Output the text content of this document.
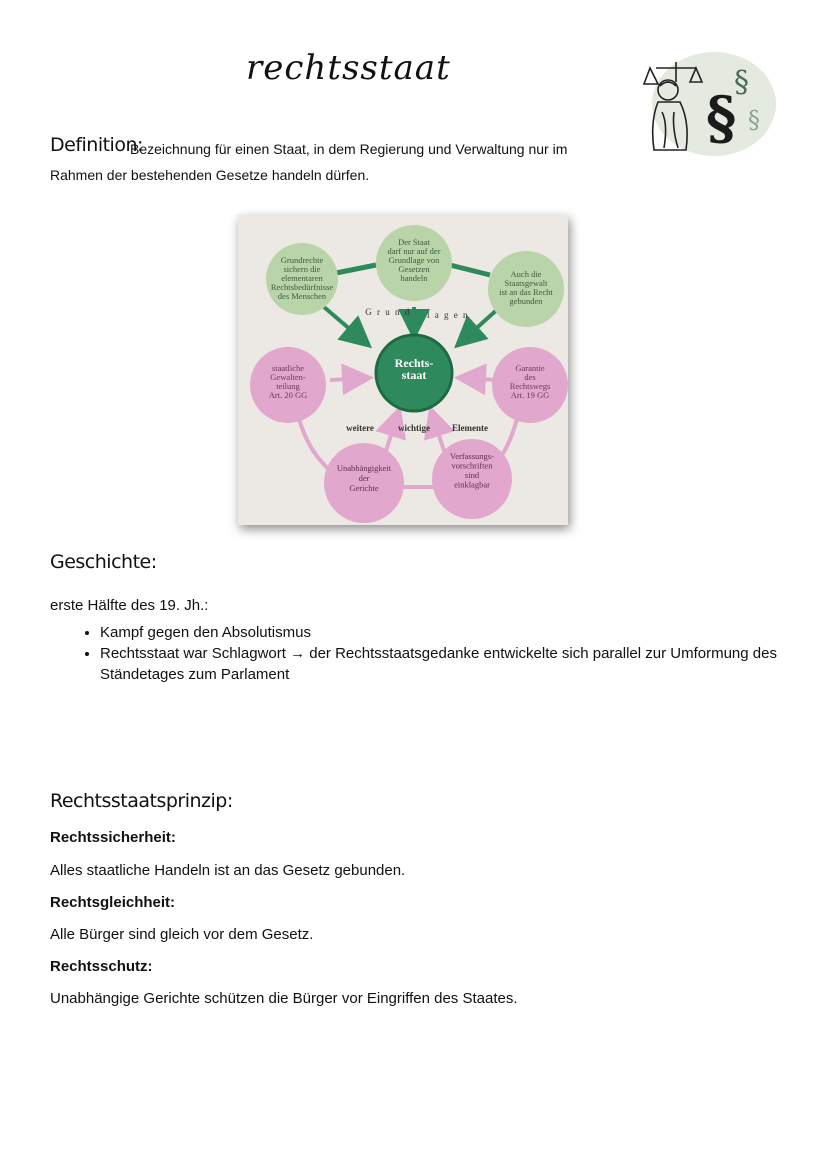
rechtsstaat
§
§
§
Definition:
Bezeichnung für einen Staat, in dem Regierung und Verwaltung nur im
Rahmen der bestehenden Gesetze handeln dürfen.
Grundrechte sichern die elementaren Rechtsbedürfnisse des Menschen
Der Staat darf nur auf der Grundlage von Gesetzen handeln	Auch die Staatsgewalt ist an das Recht gebunden
Rechts-staat
staatliche Gewalten-teilung Art. 20 GG
Garantie des Rechtswegs Art. 19 GG
Unabhängigkeit der Gerichte
Verfassungs-vorschriften sind einklagbar
G r u n d l a g e n
weitere	wichtige Elemente
Geschichte:
erste Hälfte des 19. Jh.:
• Kampf gegen den Absolutismus
• Rechtsstaat war Schlagwort → der Rechtsstaatsgedanke entwickelte sich parallel zur Umformung des Ständetages zum Parlament
Rechtsstaatsprinzip:
Rechtssicherheit:
Alles staatliche Handeln ist an das Gesetz gebunden.
Rechtsgleichheit:
Alle Bürger sind gleich vor dem Gesetz.
Rechtsschutz:
Unabhängige Gerichte schützen die Bürger vor Eingriffen des Staates.
